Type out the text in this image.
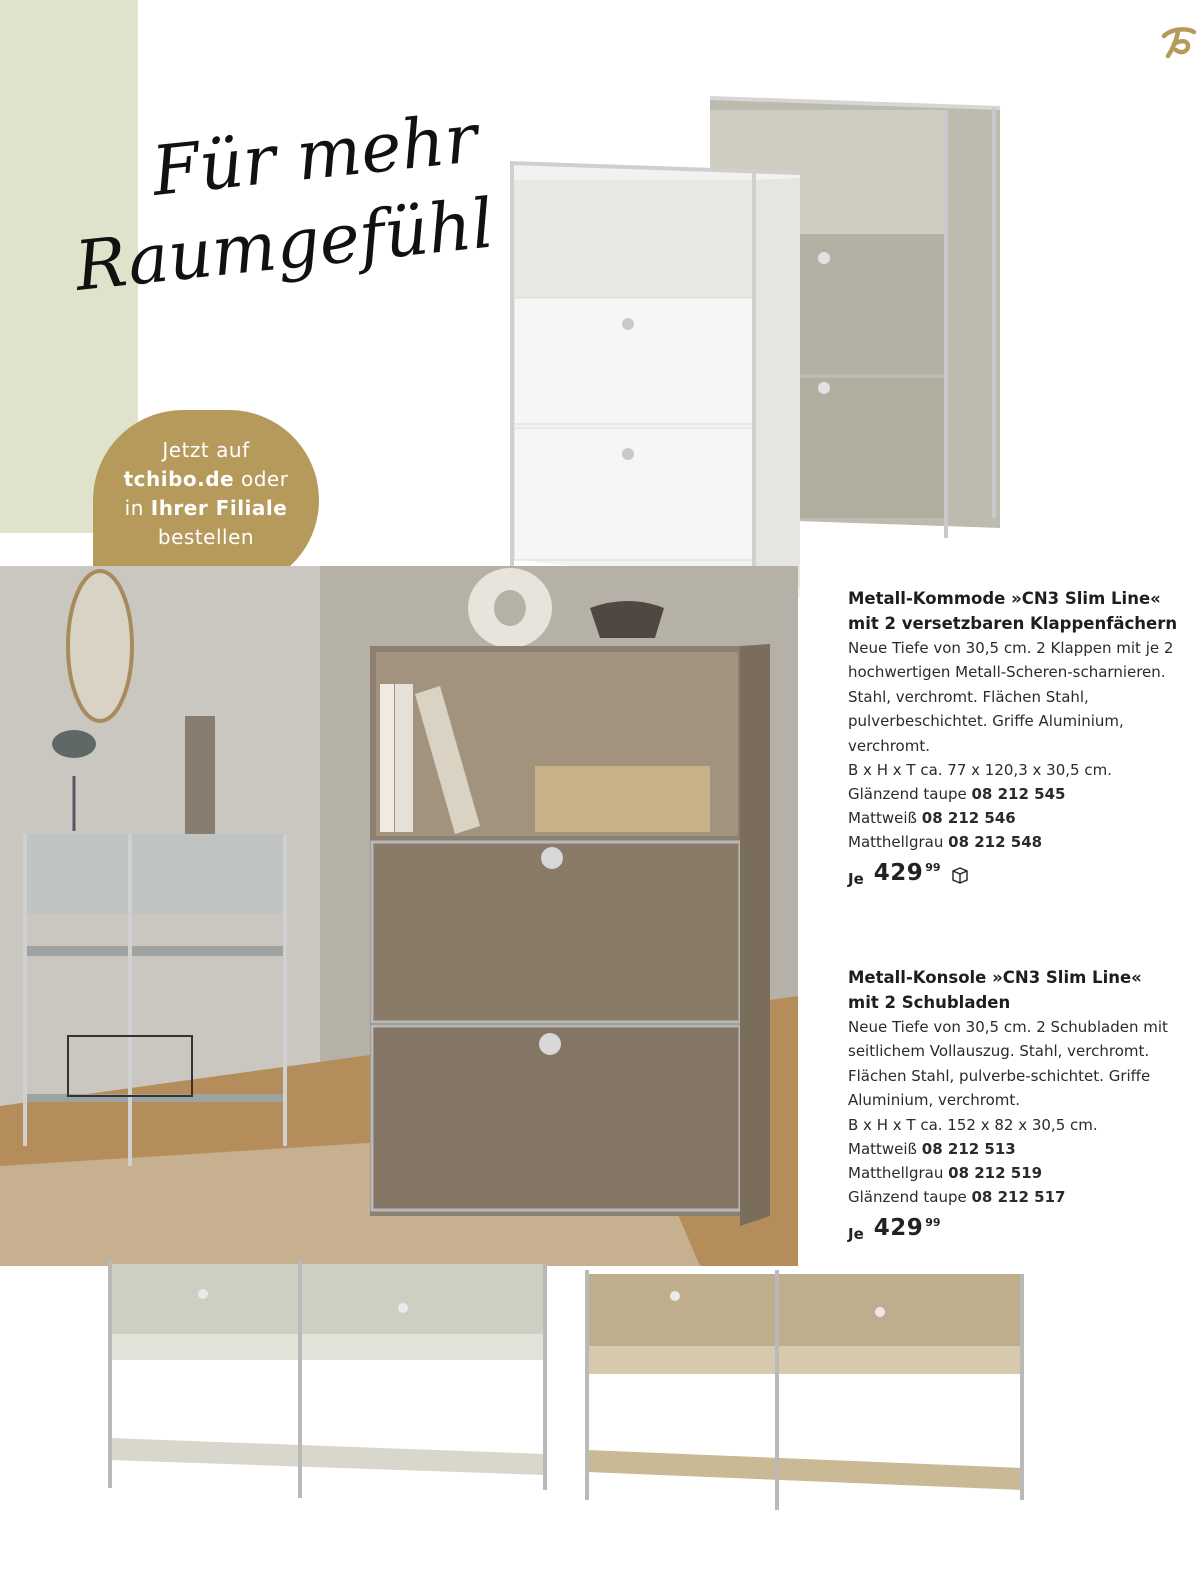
Für mehr
Raumgefühl
Jetzt auf
tchibo.de oder
in Ihrer Filiale
bestellen
Metall-Kommode »CN3 Slim Line« mit 2 versetzbaren Klappenfächern

Neue Tiefe von 30,5 cm. 2 Klappen mit je 2 hochwertigen Metall-Scheren-scharnieren. Stahl, verchromt. Flächen Stahl, pulverbeschichtet. Griffe Aluminium, verchromt.

B x H x T ca. 77 x 120,3 x 30,5 cm.
Glänzend taupe 08 212 545
Mattweiß 08 212 546
Matthellgrau 08 212 548
Je 429 99
Metall-Konsole »CN3 Slim Line« mit 2 Schubladen

Neue Tiefe von 30,5 cm. 2 Schubladen mit seitlichem Vollauszug. Stahl, verchromt. Flächen Stahl, pulverbe-schichtet. Griffe Aluminium, verchromt.

B x H x T ca. 152 x 82 x 30,5 cm.
Mattweiß 08 212 513
Matthellgrau 08 212 519
Glänzend taupe 08 212 517
Je 429 99
